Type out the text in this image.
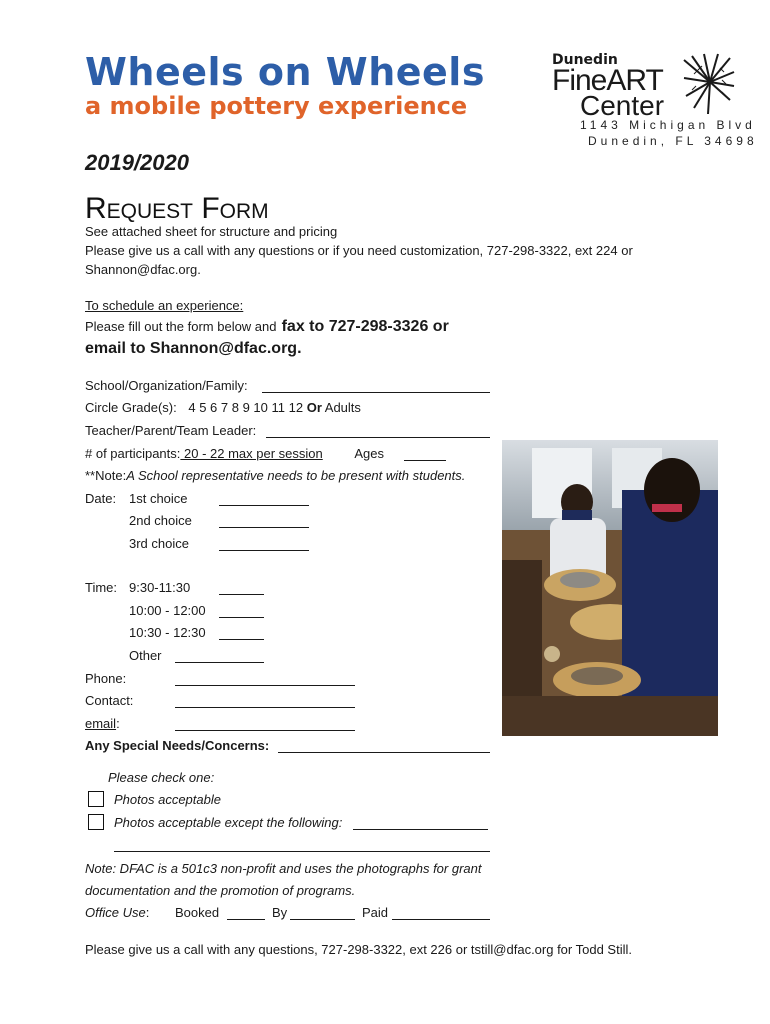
Wheels on Wheels
a mobile pottery experience
Dunedin
FineART
Center
1143 Michigan Blvd
Dunedin, FL 34698
2019/2020
Request Form
See attached sheet for structure and pricing
Please give us a call with any questions or if you need customization, 727-298-3322, ext 224 or
Shannon@dfac.org.
To schedule an experience:
Please fill out the form below and fax to 727-298-3326 or
email to Shannon@dfac.org.
School/Organization/Family:
Circle Grade(s): 4 5 6 7 8 9 10 11 12 Or Adults
Teacher/Parent/Team Leader:
# of participants: 20 - 22 max per session Ages
**Note:A School representative needs to be present with students.
Date: 1st choice
2nd choice
3rd choice
Time: 9:30-11:30
10:00 - 12:00
10:30 - 12:30
Other
Phone:
Contact:
email:
Any Special Needs/Concerns:
Please check one:
Photos acceptable
Photos acceptable except the following:
Note: DFAC is a 501c3 non-profit and uses the photographs for grant
documentation and the promotion of programs.
Office Use: Booked	By	Paid
Please give us a call with any questions, 727-298-3322, ext 226 or tstill@dfac.org for Todd Still.
